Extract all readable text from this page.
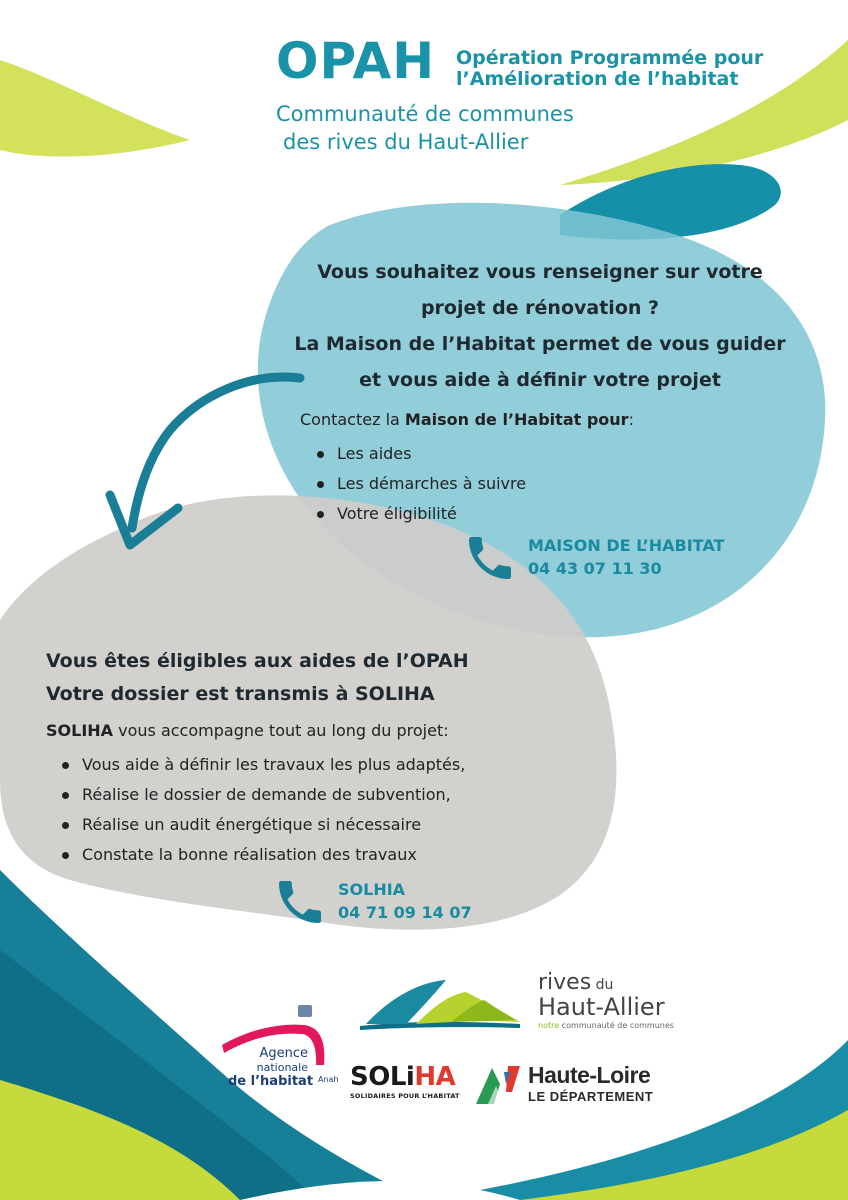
OPAH Opération Programmée pour
l’Amélioration de l’habitat
Communauté de communes
des rives du Haut-Allier
Vous souhaitez vous renseigner sur votre
projet de rénovation ?
La Maison de l’Habitat permet de vous guider
et vous aide à définir votre projet
Contactez la Maison de l’Habitat pour:
Les aides
Les démarches à suivre
Votre éligibilité
MAISON DE L’HABITAT
04 43 07 11 30
Vous êtes éligibles aux aides de l’OPAH
Votre dossier est transmis à SOLIHA
SOLIHA vous accompagne tout au long du projet:
Vous aide à définir les travaux les plus adaptés,
Réalise le dossier de demande de subvention,
Réalise un audit énergétique si nécessaire
Constate la bonne réalisation des travaux
SOLHIA
04 71 09 14 07
rives du
Haut-Allier
notre communauté de communes
Agence
nationale
de l’habitat Anah SOLiHA
SOLIDAIRES POUR L’HABITAT
Haute-Loire
LE DÉPARTEMENT
